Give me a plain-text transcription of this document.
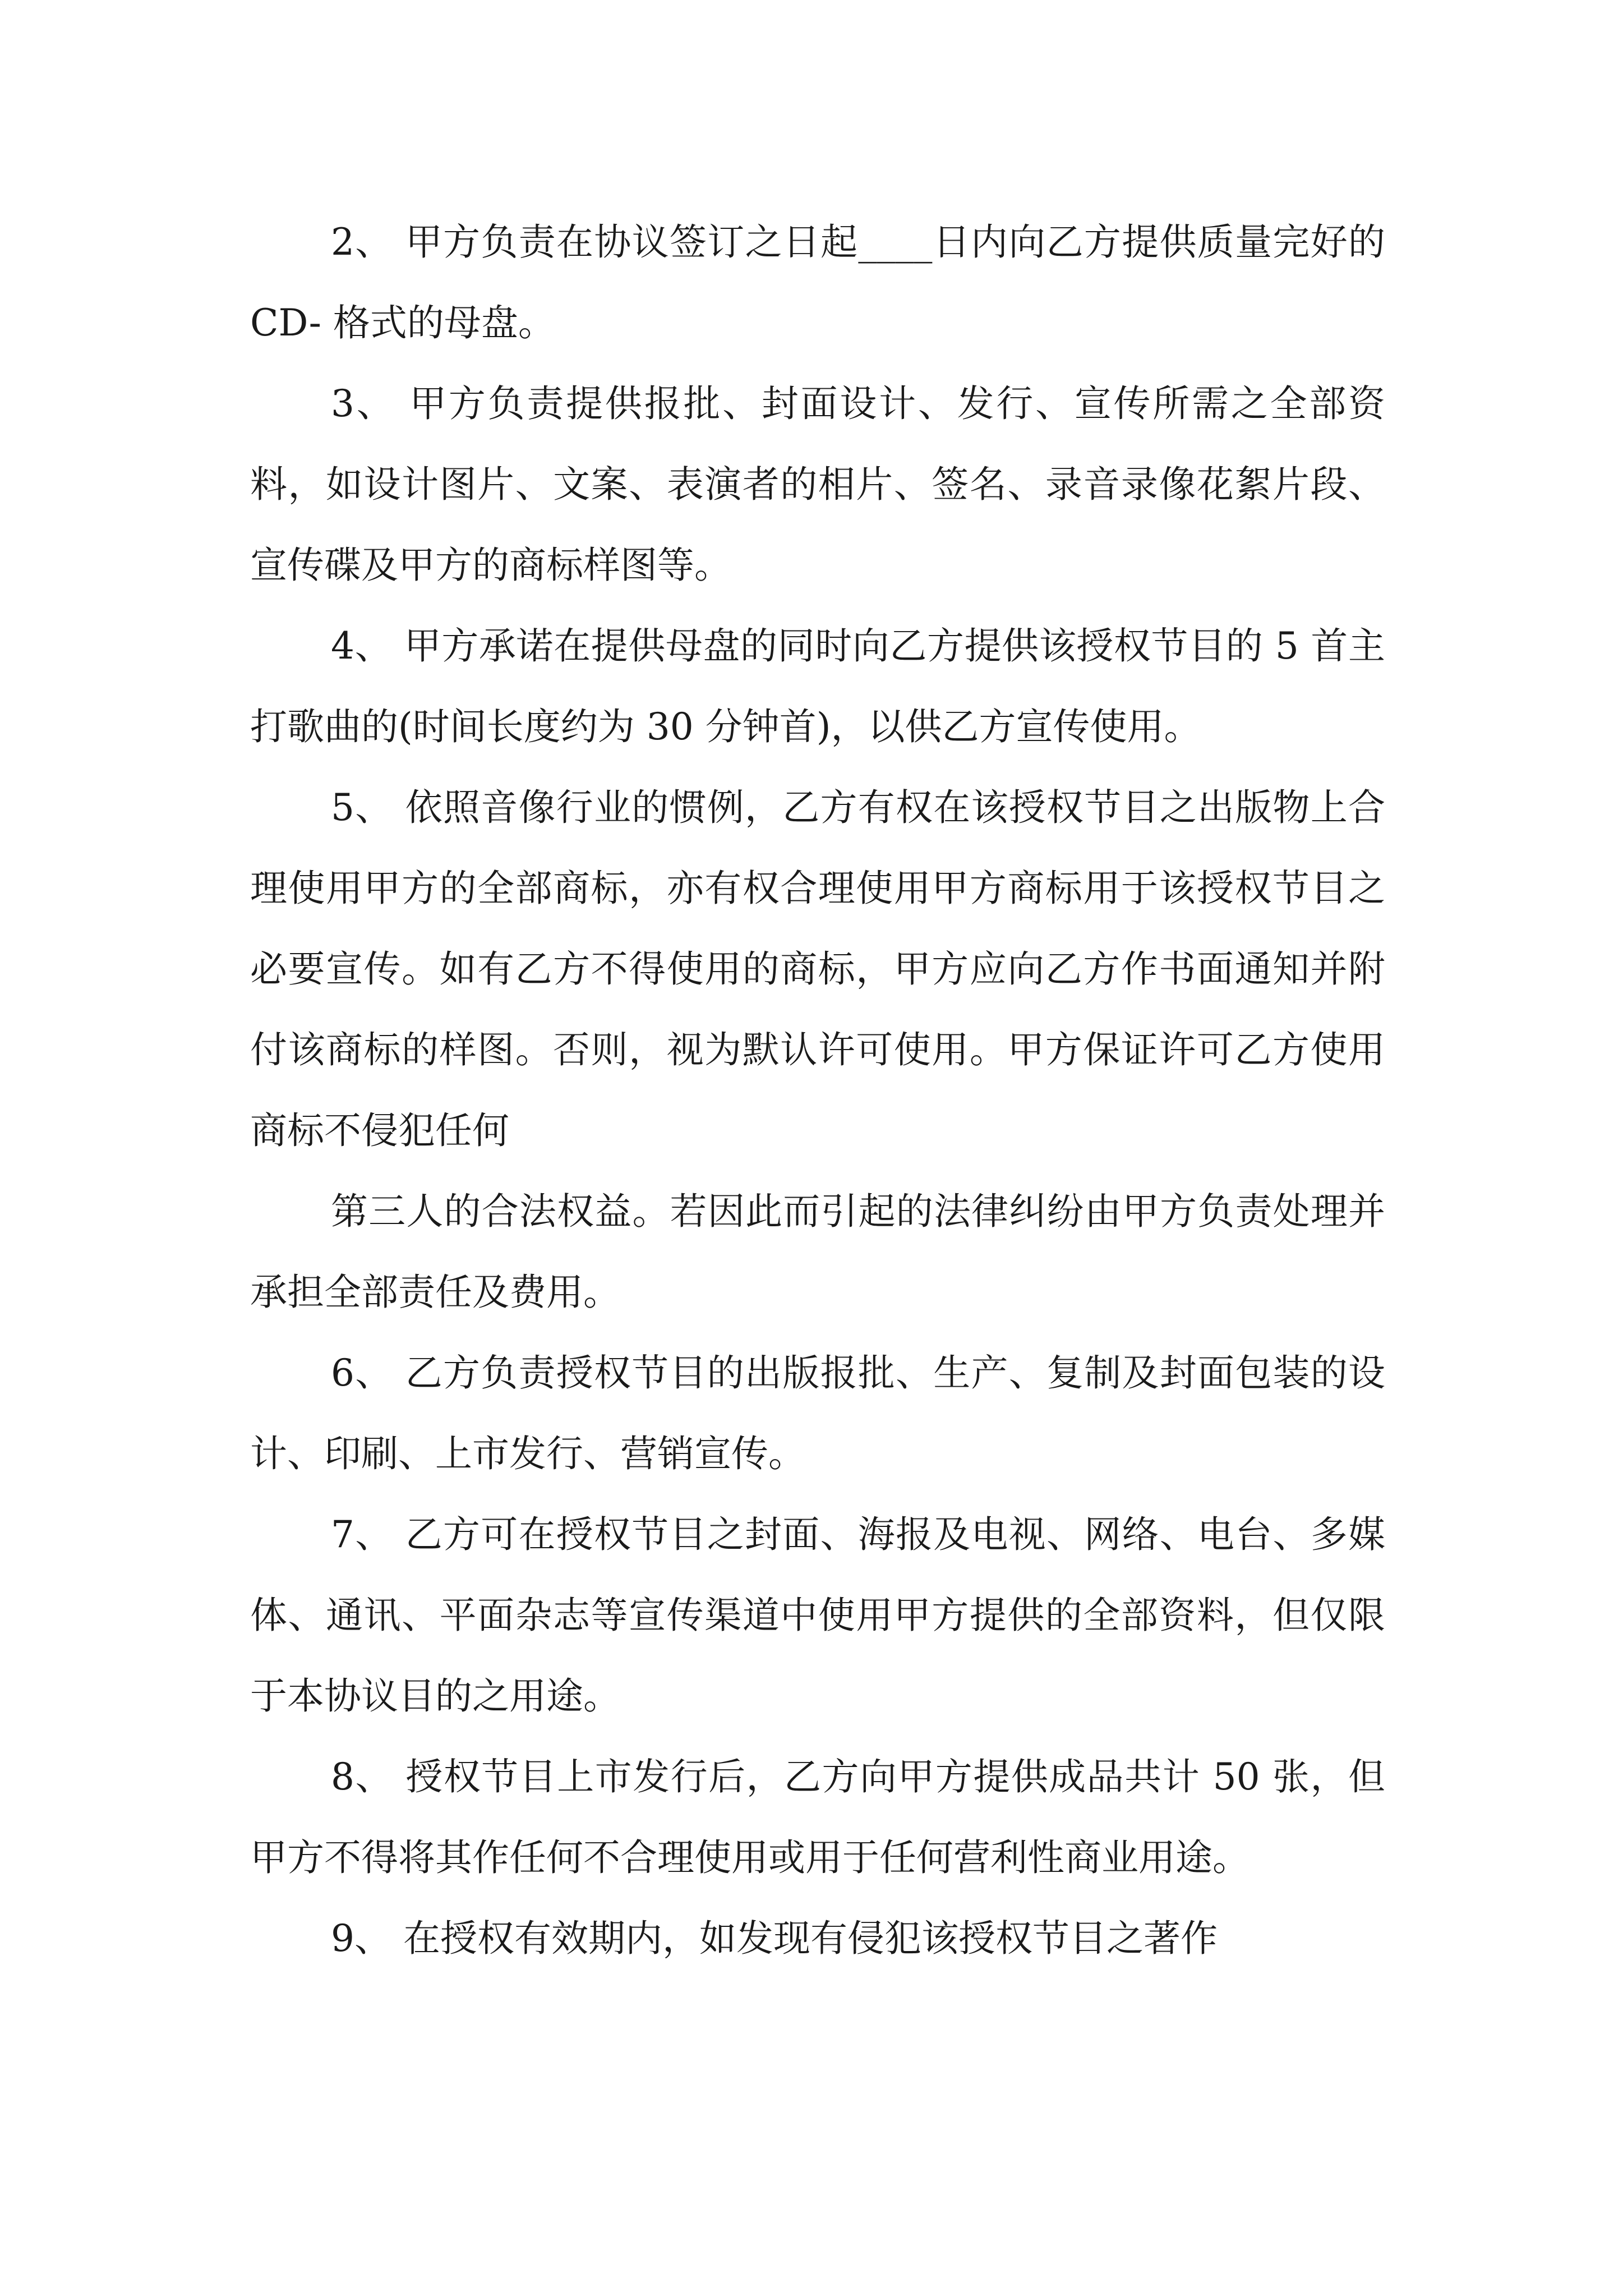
2、 甲方负责在协议签订之日起____日内向乙方提供质量完好的 CD- 格式的母盘。

3、 甲方负责提供报批、封面设计、发行、宣传所需之全部资料，如设计图片、文案、表演者的相片、签名、录音录像花絮片段、宣传碟及甲方的商标样图等。

4、 甲方承诺在提供母盘的同时向乙方提供该授权节目的 5 首主打歌曲的(时间长度约为 30 分钟首)，以供乙方宣传使用。

5、 依照音像行业的惯例，乙方有权在该授权节目之出版物上合理使用甲方的全部商标，亦有权合理使用甲方商标用于该授权节目之必要宣传。如有乙方不得使用的商标，甲方应向乙方作书面通知并附付该商标的样图。否则，视为默认许可使用。甲方保证许可乙方使用商标不侵犯任何

第三人的合法权益。若因此而引起的法律纠纷由甲方负责处理并承担全部责任及费用。

6、 乙方负责授权节目的出版报批、生产、复制及封面包装的设计、印刷、上市发行、营销宣传。

7、 乙方可在授权节目之封面、海报及电视、网络、电台、多媒体、通讯、平面杂志等宣传渠道中使用甲方提供的全部资料，但仅限于本协议目的之用途。

8、 授权节目上市发行后，乙方向甲方提供成品共计 50 张，但甲方不得将其作任何不合理使用或用于任何营利性商业用途。

9、 在授权有效期内，如发现有侵犯该授权节目之著作
